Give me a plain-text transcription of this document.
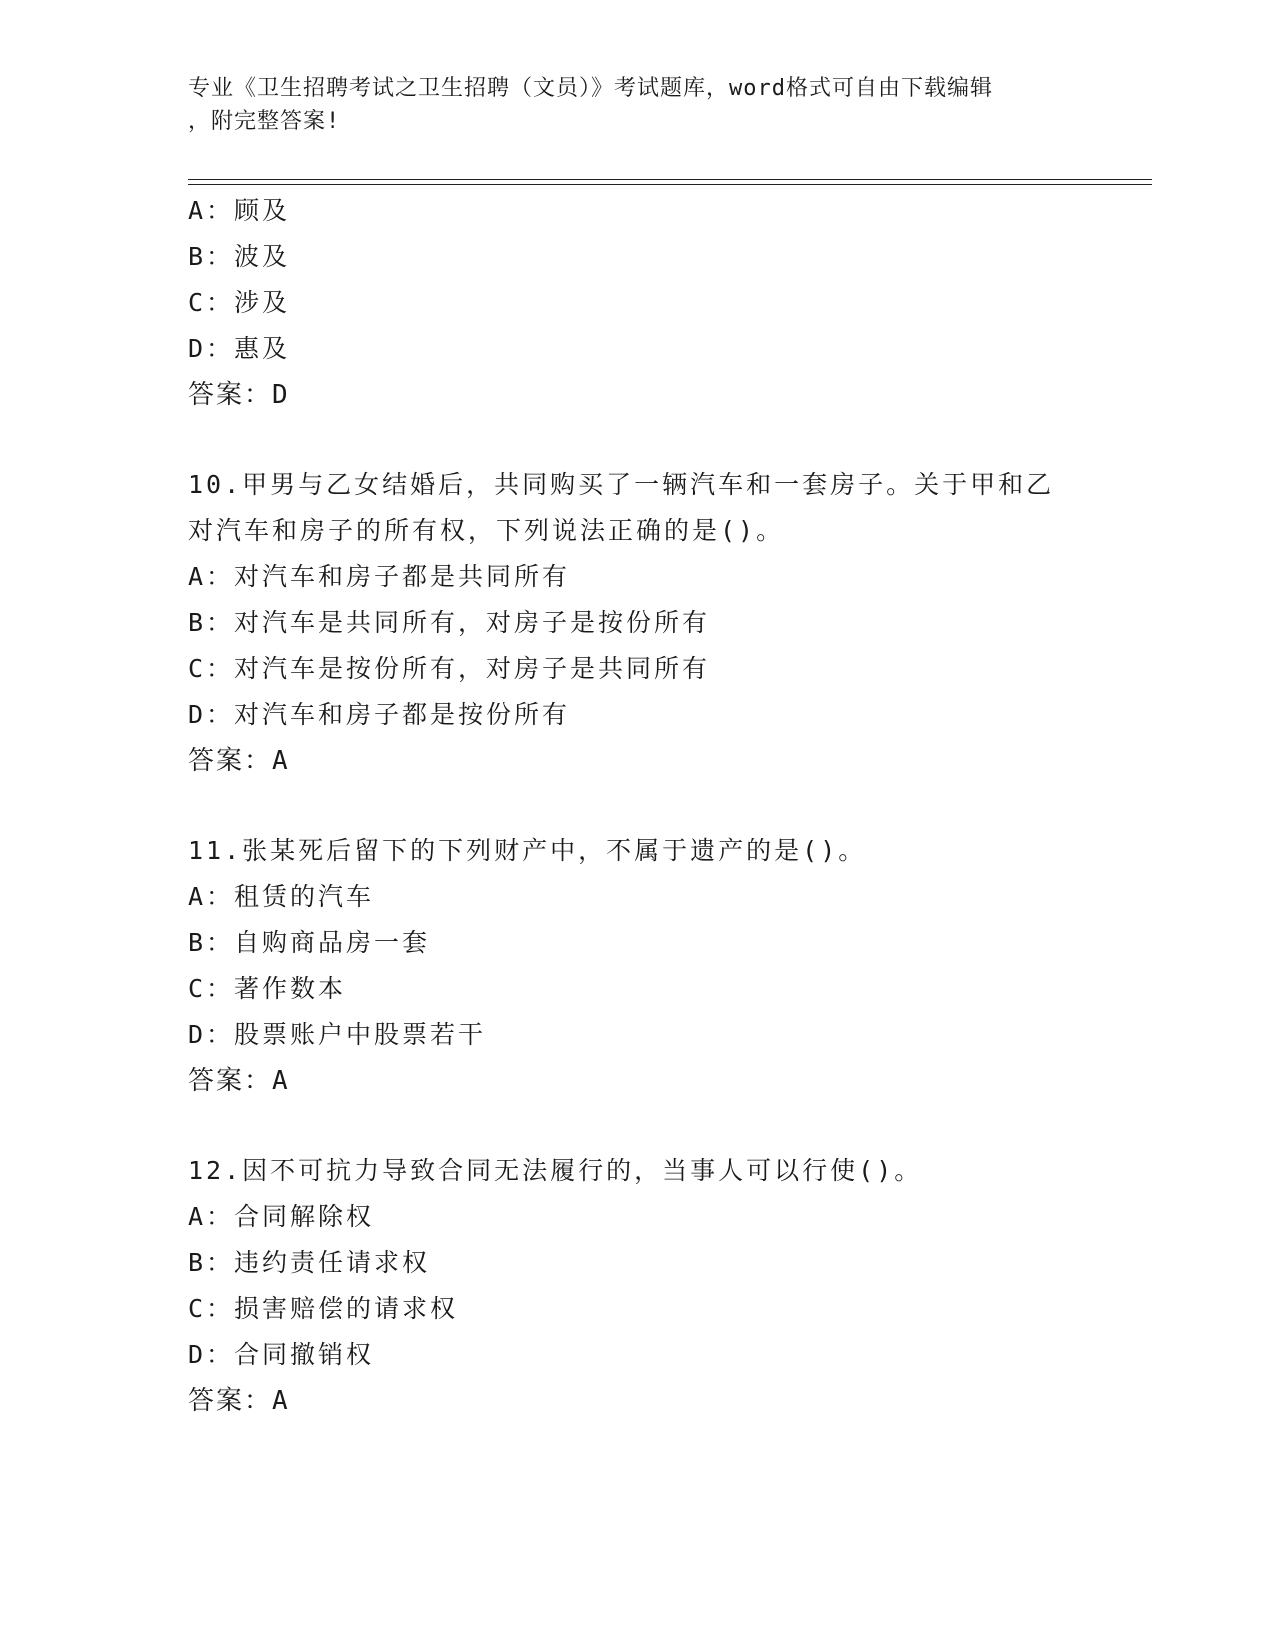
专业《卫生招聘考试之卫生招聘（文员）》考试题库，word格式可自由下载编辑
，附完整答案!

A：顾及

B：波及

C：涉及

D：惠及

答案：D

10.甲男与乙女结婚后，共同购买了一辆汽车和一套房子。关于甲和乙

对汽车和房子的所有权，下列说法正确的是()。

A：对汽车和房子都是共同所有

B：对汽车是共同所有，对房子是按份所有

C：对汽车是按份所有，对房子是共同所有

D：对汽车和房子都是按份所有

答案：A

11.张某死后留下的下列财产中，不属于遗产的是()。

A：租赁的汽车

B：自购商品房一套

C：著作数本

D：股票账户中股票若干

答案：A

12.因不可抗力导致合同无法履行的，当事人可以行使()。

A：合同解除权

B：违约责任请求权

C：损害赔偿的请求权

D：合同撤销权

答案：A
